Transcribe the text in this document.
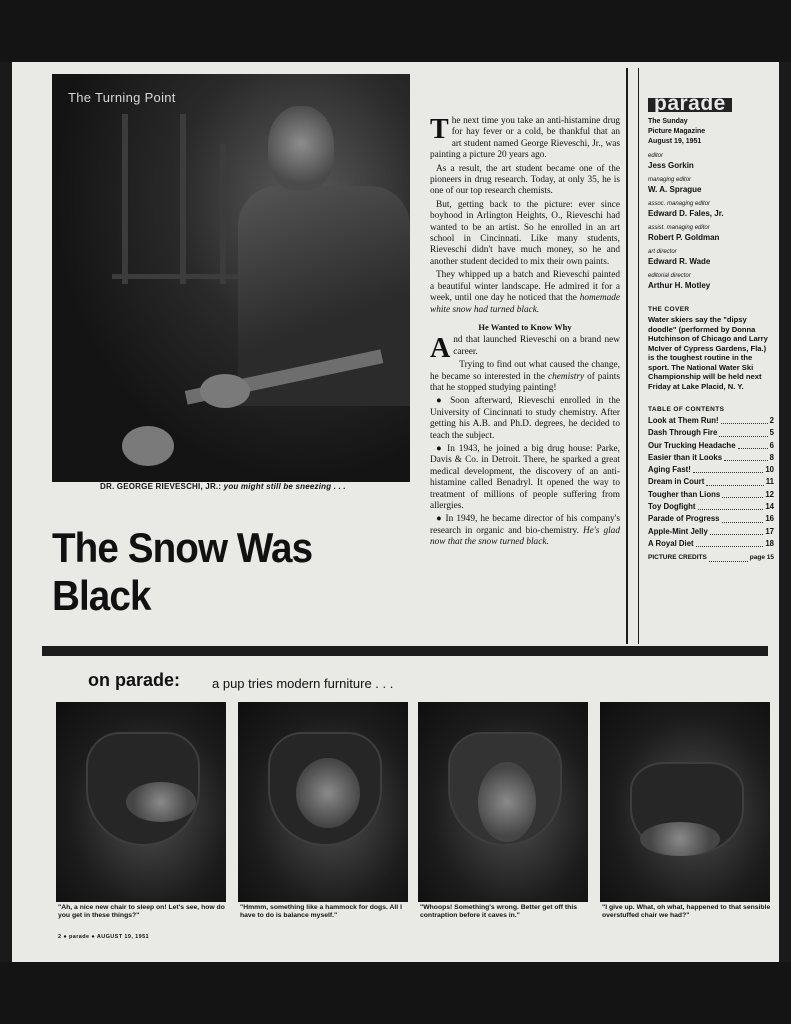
The Turning Point
DR. GEORGE RIEVESCHI, JR.: you might still be sneezing . . .
The Snow Was Black

The next time you take an anti-histamine drug for hay fever or a cold, be thankful that an art student named George Rieveschi, Jr., was painting a picture 20 years ago.

As a result, the art student became one of the pioneers in drug research. Today, at only 35, he is one of our top research chemists.

But, getting back to the picture: ever since boyhood in Arlington Heights, O., Rieveschi had wanted to be an artist. So he enrolled in an art school in Cincinnati. Like many students, Rieveschi didn't have much money, so he and another student decided to mix their own paints.

They whipped up a batch and Rieveschi painted a beautiful winter landscape. He admired it for a week, until one day he noticed that the homemade white snow had turned black.

He Wanted to Know Why

And that launched Rieveschi on a brand new career.

Trying to find out what caused the change, he became so interested in the chemistry of paints that he stopped studying painting!

● Soon afterward, Rieveschi enrolled in the University of Cincinnati to study chemistry. After getting his A.B. and Ph.D. degrees, he decided to teach the subject.

● In 1943, he joined a big drug house: Parke, Davis & Co. in Detroit. There, he sparked a great medical development, the discovery of an anti-histamine called Benadryl. It opened the way to treatment of millions of people suffering from allergies.

● In 1949, he became director of his company's research in organic and bio-chemistry. He's glad now that the snow turned black.

parade
The Sunday
Picture Magazine
August 19, 1951
editor
Jess Gorkin
managing editor
W. A. Sprague
assoc. managing editor
Edward D. Fales, Jr.
assist. managing editor
Robert P. Goldman
art director
Edward R. Wade
editorial director
Arthur H. Motley
THE COVER
Water skiers say the "dipsy doodle" (performed by Donna Hutchinson of Chicago and Larry McIver of Cypress Gardens, Fla.) is the toughest routine in the sport. The National Water Ski Championship will be held next Friday at Lake Placid, N. Y.
TABLE OF CONTENTS
Look at Them Run!	2
Dash Through Fire	5
Our Trucking Headache	6
Easier than it Looks	8
Aging Fast!	10
Dream in Court	11
Tougher than Lions	12
Toy Dogfight	14
Parade of Progress	16
Apple-Mint Jelly	17
A Royal Diet	18
PICTURE CREDITS	page 15
on parade: a pup tries modern furniture . . .
"Ah, a nice new chair to sleep on! Let's see, how do you get in these things?"
"Hmmm, something like a hammock for dogs. All I have to do is balance myself."
"Whoops! Something's wrong. Better get off this contraption before it caves in."
"I give up. What, oh what, happened to that sensible overstuffed chair we had?"
2 ● parade ● AUGUST 19, 1951
